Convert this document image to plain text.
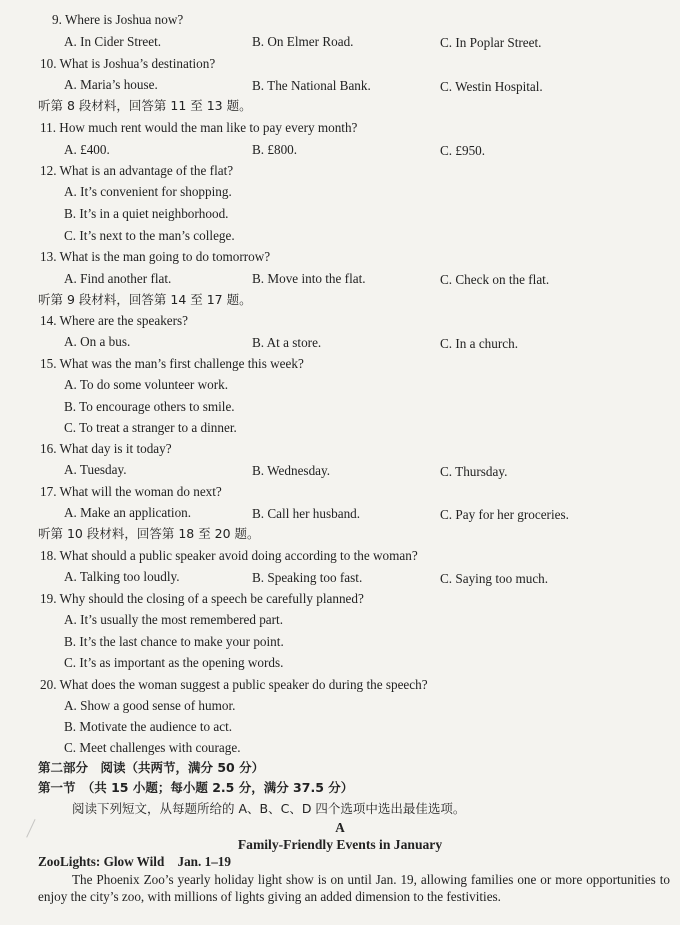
9. Where is Joshua now?
A. In Cider Street.	B. On Elmer Road.	C. In Poplar Street.
10. What is Joshua’s destination?
A. Maria’s house.	B. The National Bank.	C. Westin Hospital.
听第 8 段材料，回答第 11 至 13 题。
11. How much rent would the man like to pay every month?
A. £400.	B. £800.	C. £950.
12. What is an advantage of the flat?
A. It’s convenient for shopping.
B. It’s in a quiet neighborhood.
C. It’s next to the man’s college.
13. What is the man going to do tomorrow?
A. Find another flat.	B. Move into the flat.	C. Check on the flat.
听第 9 段材料，回答第 14 至 17 题。
14. Where are the speakers?
A. On a bus.	B. At a store.	C. In a church.
15. What was the man’s first challenge this week?
A. To do some volunteer work.
B. To encourage others to smile.
C. To treat a stranger to a dinner.
16. What day is it today?
A. Tuesday.	B. Wednesday.	C. Thursday.
17. What will the woman do next?
A. Make an application.	B. Call her husband.	C. Pay for her groceries.
听第 10 段材料，回答第 18 至 20 题。
18. What should a public speaker avoid doing according to the woman?
A. Talking too loudly.	B. Speaking too fast.	C. Saying too much.
19. Why should the closing of a speech be carefully planned?
A. It’s usually the most remembered part.
B. It’s the last chance to make your point.
C. It’s as important as the opening words.
20. What does the woman suggest a public speaker do during the speech?
A. Show a good sense of humor.
B. Motivate the audience to act.
C. Meet challenges with courage.
第二部分　阅读（共两节，满分 50 分）
第一节　（共 15 小题；每小题 2.5 分，满分 37.5 分）
阅读下列短文，从每题所给的 A、B、C、D 四个选项中选出最佳选项。
A
Family-Friendly Events in January
ZooLights: Glow Wild　Jan. 1–19
The Phoenix Zoo’s yearly holiday light show is on until Jan. 19, allowing families one or more opportunities to enjoy the city’s zoo, with millions of lights giving an added dimension to the festivities.
